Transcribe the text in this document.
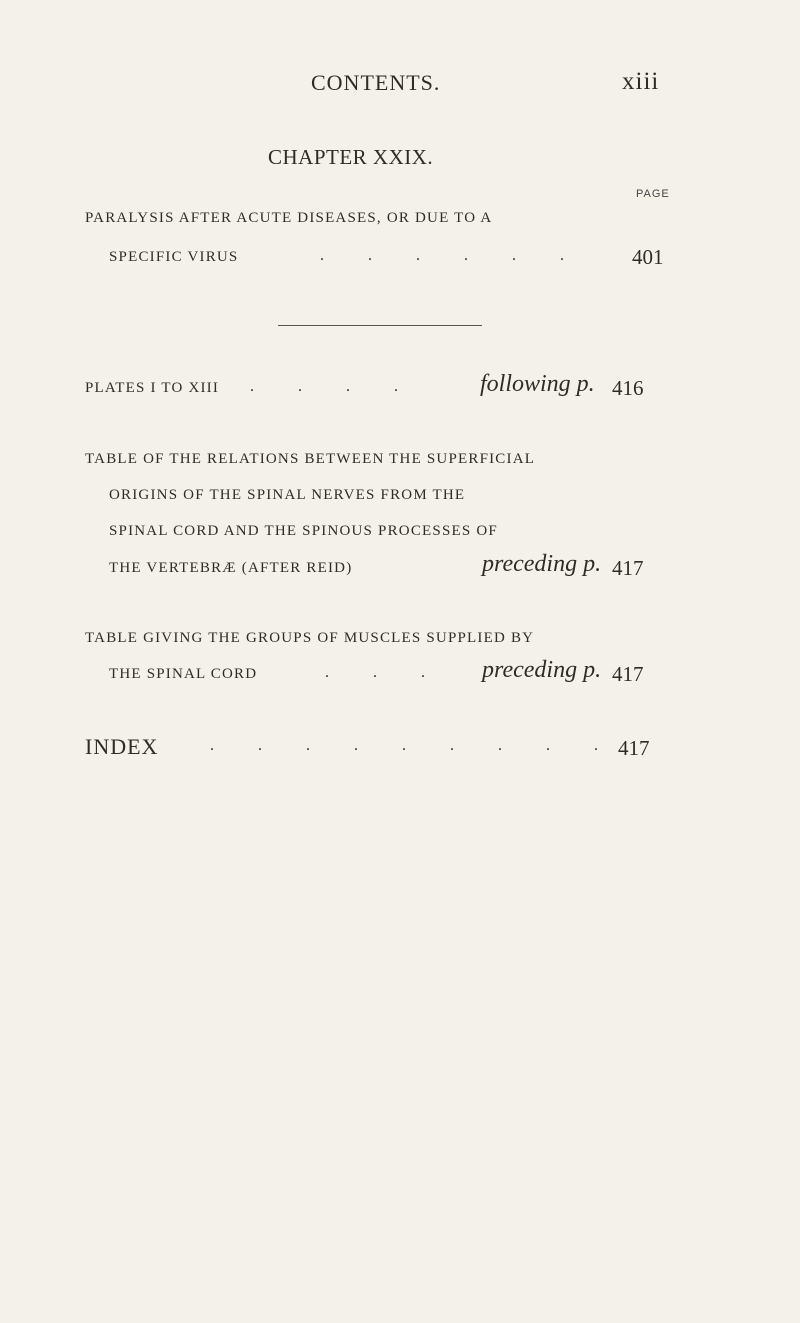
CONTENTS.	xiii
CHAPTER XXIX.
PAGE
PARALYSIS AFTER ACUTE DISEASES, OR DUE TO A
SPECIFIC VIRUS	. . . . . . 401
PLATES I TO XIII . . . .	following p. 416
TABLE OF THE RELATIONS BETWEEN THE SUPERFICIAL
ORIGINS OF THE SPINAL NERVES FROM THE
SPINAL CORD AND THE SPINOUS PROCESSES OF
THE VERTEBRÆ (AFTER REID)	preceding p. 417
TABLE GIVING THE GROUPS OF MUSCLES SUPPLIED BY
THE SPINAL CORD	. . . preceding p. 417
INDEX	. . . . . . . . . 417
